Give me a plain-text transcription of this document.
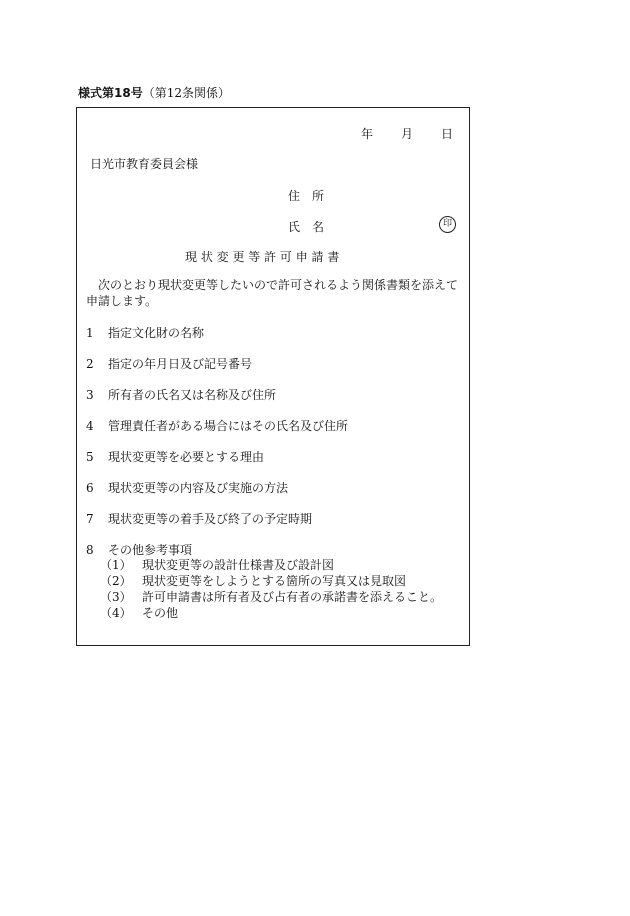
様式第18号（第12条関係）
年 月 日
日光市教育委員会様
住　所
氏　名	印
現 状 変 更 等 許 可 申 請 書
次のとおり現状変更等したいので許可されるよう関係書類を添えて申請します。
1 指定文化財の名称
2 指定の年月日及び記号番号
3 所有者の氏名又は名称及び住所
4 管理責任者がある場合にはその氏名及び住所
5 現状変更等を必要とする理由
6 現状変更等の内容及び実施の方法
7 現状変更等の着手及び終了の予定時期
8 その他参考事項
（1） 現状変更等の設計仕様書及び設計図
（2） 現状変更等をしようとする箇所の写真又は見取図
（3） 許可申請書は所有者及び占有者の承諾書を添えること。
（4） その他
